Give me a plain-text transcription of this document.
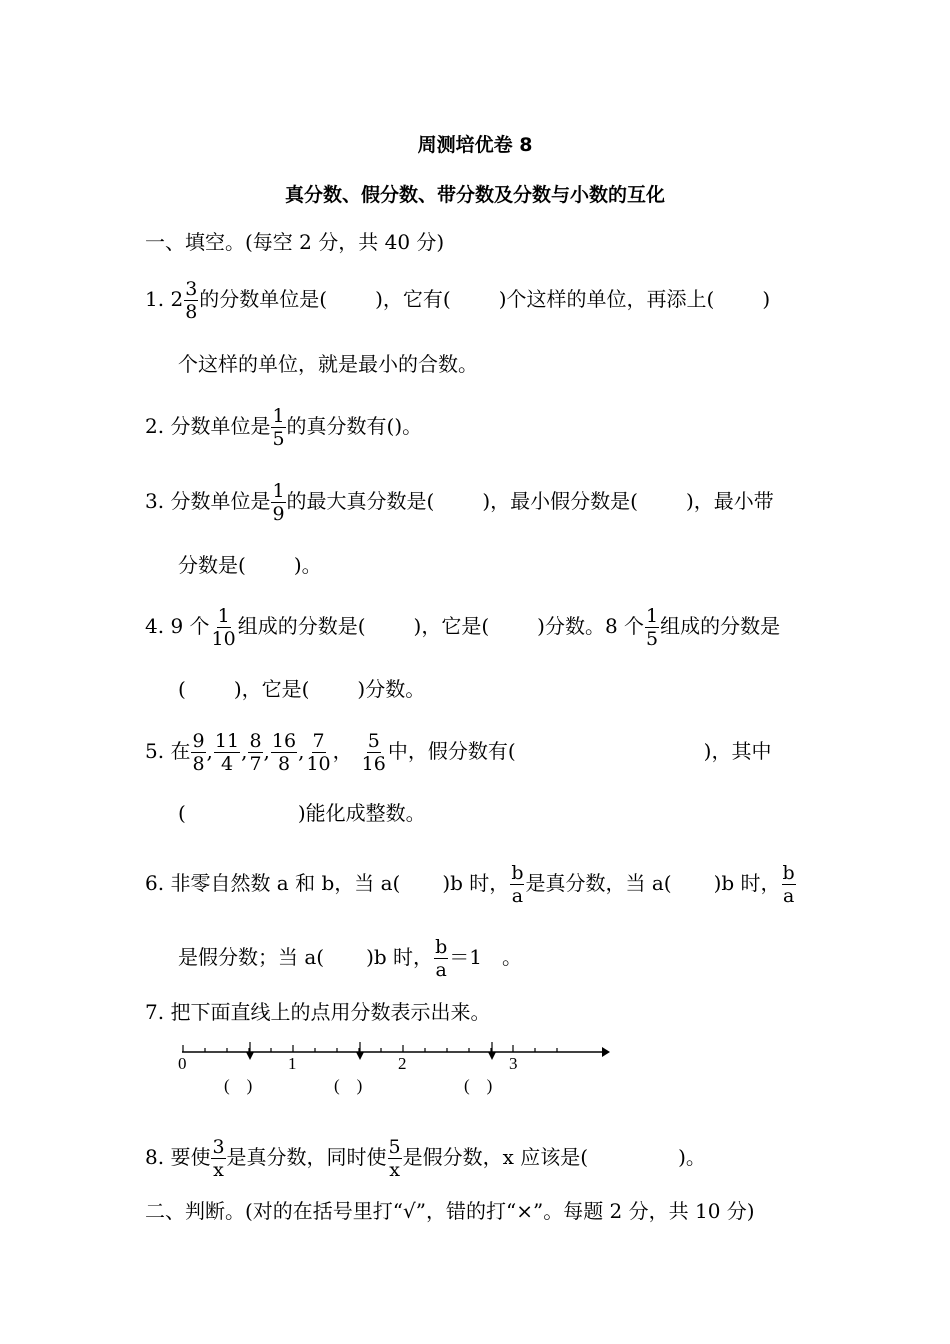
周测培优卷 8
真分数、假分数、带分数及分数与小数的互化
一、填空。(每空 2 分，共 40 分)
1. $2 \frac{3}{8}$ 的分数单位是( )，它有( )个这样的单位，再添上( )
个这样的单位，就是最小的合数。
2. 分数单位是 $\frac{1}{5}$ 的真分数有()。
3. 分数单位是 $\frac{1}{9}$ 的最大真分数是( )，最小假分数是( )，最小带
分数是( )。
4. 9 个 $\frac{1}{10}$ 组成的分数是( )，它是( )分数。8 个 $\frac{1}{5}$ 组成的分数是
( )，它是( )分数。
5. 在 $\frac{9}{8}$ , $\frac{11}{4}$ , $\frac{8}{7}$ , $\frac{16}{8}$ , $\frac{7}{10}$ ， $\frac{5}{16}$ 中，假分数有(	)，其中
(	)能化成整数。
6. 非零自然数 a 和 b，当 a( )b 时， $\frac{b}{a}$ 是真分数，当 a( )b 时， $\frac{b}{a}$
是假分数；当 a( )b 时， $\frac{b}{a} =1$　。
7. 把下面直线上的点用分数表示出来。
0	1	2	3
(    )	(    )	(    )
8. 要使 $\frac{3}{x}$ 是真分数，同时使 $\frac{5}{x}$ 是假分数，x 应该是(	)。
二、判断。(对的在括号里打“√”，错的打“×”。每题 2 分，共 10 分)
